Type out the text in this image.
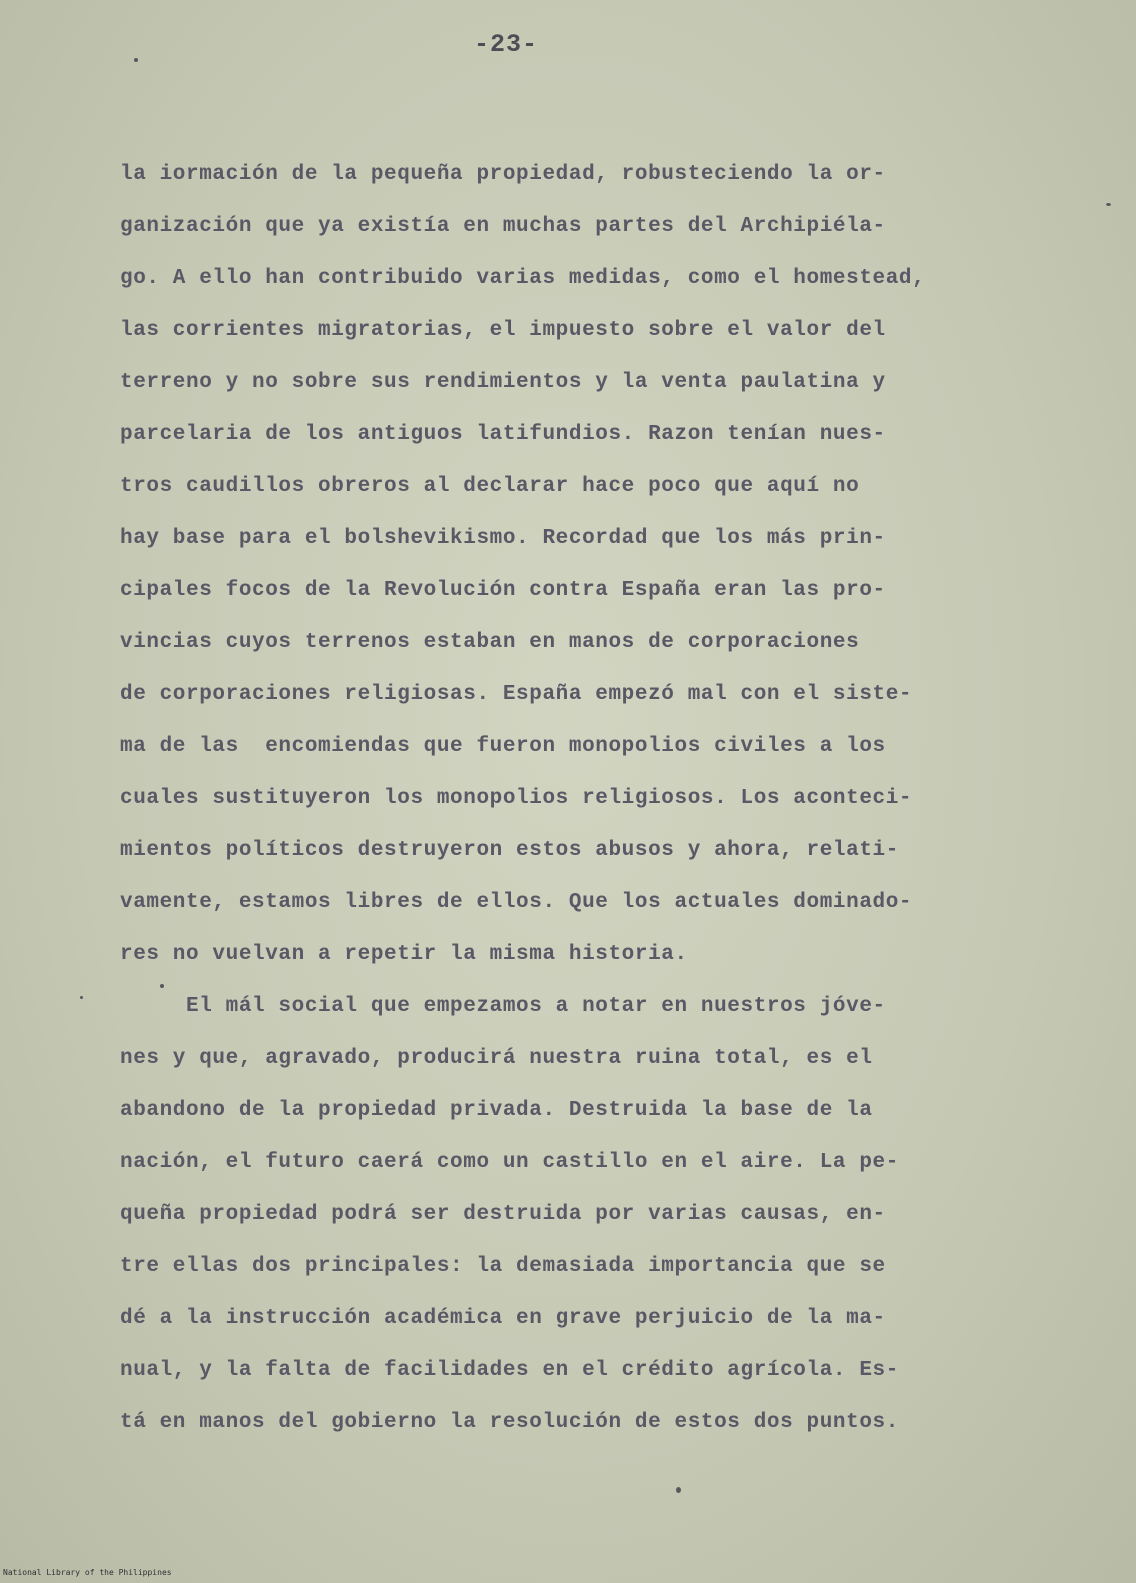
-23-
la iormación de la pequeña propiedad, robusteciendo la or-
ganización que ya existía en muchas partes del Archipiéla-
go. A ello han contribuido varias medidas, como el homestead,
las corrientes migratorias, el impuesto sobre el valor del
terreno y no sobre sus rendimientos y la venta paulatina y
parcelaria de los antiguos latifundios. Razon tenían nues-
tros caudillos obreros al declarar hace poco que aquí no
hay base para el bolshevikismo. Recordad que los más prin-
cipales focos de la Revolución contra España eran las pro-
vincias cuyos terrenos estaban en manos de corporaciones
de corporaciones religiosas. España empezó mal con el siste-
ma de las  encomiendas que fueron monopolios civiles a los
cuales sustituyeron los monopolios religiosos. Los aconteci-
mientos políticos destruyeron estos abusos y ahora, relati-
vamente, estamos libres de ellos. Que los actuales dominado-
res no vuelvan a repetir la misma historia.
El mál social que empezamos a notar en nuestros jóve-
nes y que, agravado, producirá nuestra ruina total, es el
abandono de la propiedad privada. Destruida la base de la
nación, el futuro caerá como un castillo en el aire. La pe-
queña propiedad podrá ser destruida por varias causas, en-
tre ellas dos principales: la demasiada importancia que se
dé a la instrucción académica en grave perjuicio de la ma-
nual, y la falta de facilidades en el crédito agrícola. Es-
tá en manos del gobierno la resolución de estos dos puntos.
National Library of the Philippines
